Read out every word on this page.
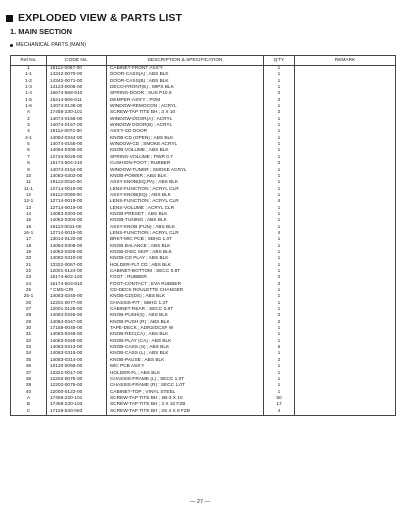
EXPLODED VIEW & PARTS LIST
1. MAIN SECTION
MECHANICAL PARTS (MAIN)
Ref No.	CODE No.	DESCRIPTION & SPECIFICATION	Q'TY	REMARK
1	19112-0067-00	CABINET-FRONT ASS'Y	1	
1-1	14342-0070-00	DOOR-CASS(A) ; ABS BLK	1	
1-2	14342-0071-00	DOOR-CASS(B) ; ABS BLK	1	
1-3	14123-0006-00	DECO-FRONT(E) ; MIPS BLK	1	
1-4	16674-568-910	SPRING-DOOR ; SUS P10.9	2	
1-5	15214-506-011	DEMPER-ASS'Y ; POM	2	
1-6	14074-0138-00	WINDOW-REMOCON ; ACRYL	1	
A	17458-230-101	SCREW-TAP TITE BH ; 3 X 10	2	
2	14074-0156-00	WINDOW-DOOR(A) ; ACRYL	1	
3	14074-0157-00	WINDOW DOOR(B) ; ACRYL	1	
4	19112-0072-00	ASS'Y-CD DOOR	1	
4-1	14084-0344-00	KNOB-CD (OPEN) ; ABS BLK	1	
5	14074-0155-00	WINDOW-CD ; SMOKE ACRYL	1	
6	14084-0306-00	KNOB-VOLUME ; ABS BLK	1	
7	12724-0028-00	SPRING-VOLUME ; PWR 0.7	1	
8	16174-504-210	CUSHION-FOOT ; RUBBER	2	
9	14074-0154-00	WINDOW-TUNER ; SMOKE ACRYL	1	
10	14083-0302-00	KNOB-POWER ; ABS BLK	1	
11	19113-0010-00	ASSY-KNOB(EQ,PA) ; ABS BLK	1	
11-1	12714-0019-00	LENS-FUNCTION ; ACRYL CLR	1	
12	19112-0008-00	ASSY-KNOB(EQ) ; ABS BLK	1	
12-1	12714-0019-00	LENS-FUNCTION ; ACRYL CLR	4	
13	12714-0019-00	LENS-VOLUME ; ACRYL CLR	1	
14	14083-0303-00	KNOB-PRESET ; ABS BLK	1	
15	14083-0304-00	KNOB-TUNING ; ABS BLK	1	
16	19113-0011-00	ASSY-KNOB (FUN) ; ABS BLK	1	
16-1	12714-0019-00	LENS-FUNCTION ; ACRYL CLR	4	
17	13014-0120-00	BRKT-MIC PCB ; SBHG 1.0T	1	
18	14084-0308-00	KNOB BALANCE ; ABS BLK	1	
19	14083-0329-00	KNOB-DISC SKIP ; ABS BLK	1	
20	14082-0310-00	KNOB-CD PLAY ; ABS BLK	1	
21	13322-0067-00	HOLDER-FLT CD ; ABS BLK	1	
22	12001-0124-00	CABINET-BOTTOM ; SECC 0.8T	1	
23	16174-602-120	FOOT ; RUBBER	2	
24	16174-503-810	FOOT-CONTACT ; EVA RUBBER	2	
25	* CMS-CRI	CD-DECK ROULETTE CHANGER	1	
25-1	14083-0345-00	KNOB-CD(DS) ; ABS BLK	1	
26	12201-0077-00	CHASSIS-P/T ; SBHG 1.2T	1	
27	12001-0125-00	CABINET-REAR ; SECC 0.8T	1	
28	14084-0346-00	KNOB-PUSH(S) ; ABS BLK	2	
29	14084-0347-00	KNOB-PUSH (R) ; ABS BLK	2	
30	17159-0045-00	TAPE-DECK ; ADR2/DCSF W	1	
31	14083-0348-00	KNOB-REC(CA) ; ABS BLK	1	
32	14083-0349-00	KNOB-PLAY (CA) ; ABS BLK	1	
33	14083-0313-00	KNOB-CASS (S) ; ABS BLK	6	
34	14083-0315-00	KNOB-CASS (L) ; ABS BLK	1	
35	14083-0314-00	KNOB-PAUSE ; ABS BLK	2	
36	10120-0058-00	MIC PCB ASS'Y	1	
37	13322-0017-00	HOLDER-FL ; ABS BLK	1	
38	12202-0075-00	CHASSIS-FRAME (L) ; SECC 1.0T	1	
39	12202-0076-00	CHASSIS-FRAME (R) ; SECC 1.0T	1	
40	12000-0123-00	CABINET-TOP ; VINYL STEEL	1	
A	17458-230-101	SCREW-TAP TITE BH ; 2B-3 X 10	50	
B	17458-230-103	SCREW-TAP TITE BH ; 3 X 10 FZB	17	
C	17128-540-083	SCREW-TAP TITE BH ; 2S 4 X 8 FZB	4	
— 27 —
